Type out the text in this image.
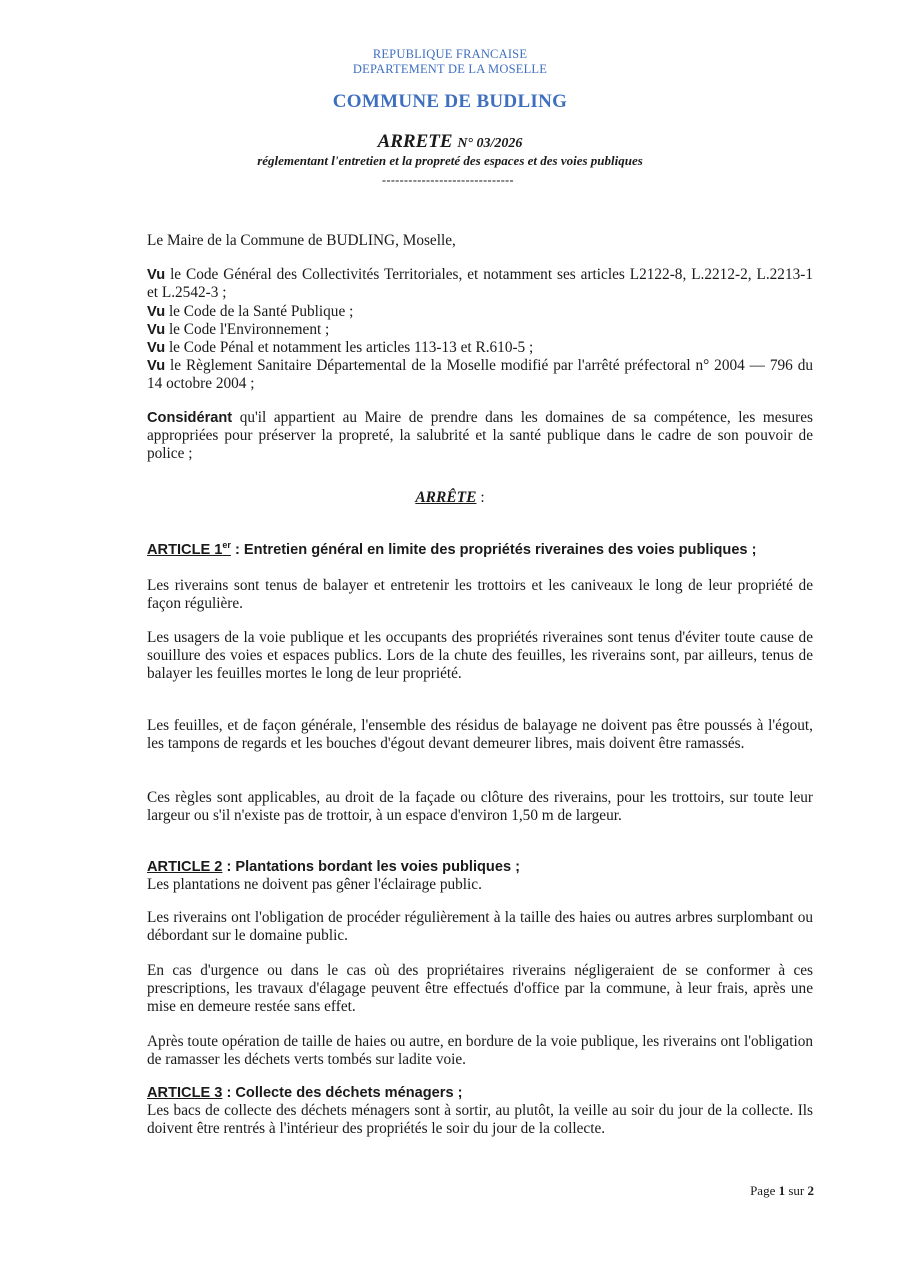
REPUBLIQUE FRANCAISE
DEPARTEMENT DE LA MOSELLE
COMMUNE DE BUDLING
ARRETE N° 03/2026
réglementant l'entretien et la propreté des espaces et des voies publiques
------------------------------
Le Maire de la Commune de BUDLING, Moselle,
Vu le Code Général des Collectivités Territoriales, et notamment ses articles L2122-8, L.2212-2, L.2213-1 et L.2542-3 ;
Vu le Code de la Santé Publique ;
Vu le Code l'Environnement ;
Vu le Code Pénal et notamment les articles 113-13 et R.610-5 ;
Vu le Règlement Sanitaire Départemental de la Moselle modifié par l'arrêté préfectoral n° 2004 — 796 du 14 octobre 2004 ;
Considérant qu'il appartient au Maire de prendre dans les domaines de sa compétence, les mesures appropriées pour préserver la propreté, la salubrité et la santé publique dans le cadre de son pouvoir de police ;
ARRÊTE :
ARTICLE 1er : Entretien général en limite des propriétés riveraines des voies publiques ;
Les riverains sont tenus de balayer et entretenir les trottoirs et les caniveaux le long de leur propriété de façon régulière.
Les usagers de la voie publique et les occupants des propriétés riveraines sont tenus d'éviter toute cause de souillure des voies et espaces publics. Lors de la chute des feuilles, les riverains sont, par ailleurs, tenus de balayer les feuilles mortes le long de leur propriété.
Les feuilles, et de façon générale, l'ensemble des résidus de balayage ne doivent pas être poussés à l'égout, les tampons de regards et les bouches d'égout devant demeurer libres, mais doivent être ramassés.
Ces règles sont applicables, au droit de la façade ou clôture des riverains, pour les trottoirs, sur toute leur largeur ou s'il n'existe pas de trottoir, à un espace d'environ 1,50 m de largeur.
ARTICLE 2 : Plantations bordant les voies publiques ;
Les plantations ne doivent pas gêner l'éclairage public.
Les riverains ont l'obligation de procéder régulièrement à la taille des haies ou autres arbres surplombant ou débordant sur le domaine public.
En cas d'urgence ou dans le cas où des propriétaires riverains négligeraient de se conformer à ces prescriptions, les travaux d'élagage peuvent être effectués d'office par la commune, à leur frais, après une mise en demeure restée sans effet.
Après toute opération de taille de haies ou autre, en bordure de la voie publique, les riverains ont l'obligation de ramasser les déchets verts tombés sur ladite voie.
ARTICLE 3 : Collecte des déchets ménagers ;
Les bacs de collecte des déchets ménagers sont à sortir, au plutôt, la veille au soir du jour de la collecte. Ils doivent être rentrés à l'intérieur des propriétés le soir du jour de la collecte.
Page 1 sur 2
